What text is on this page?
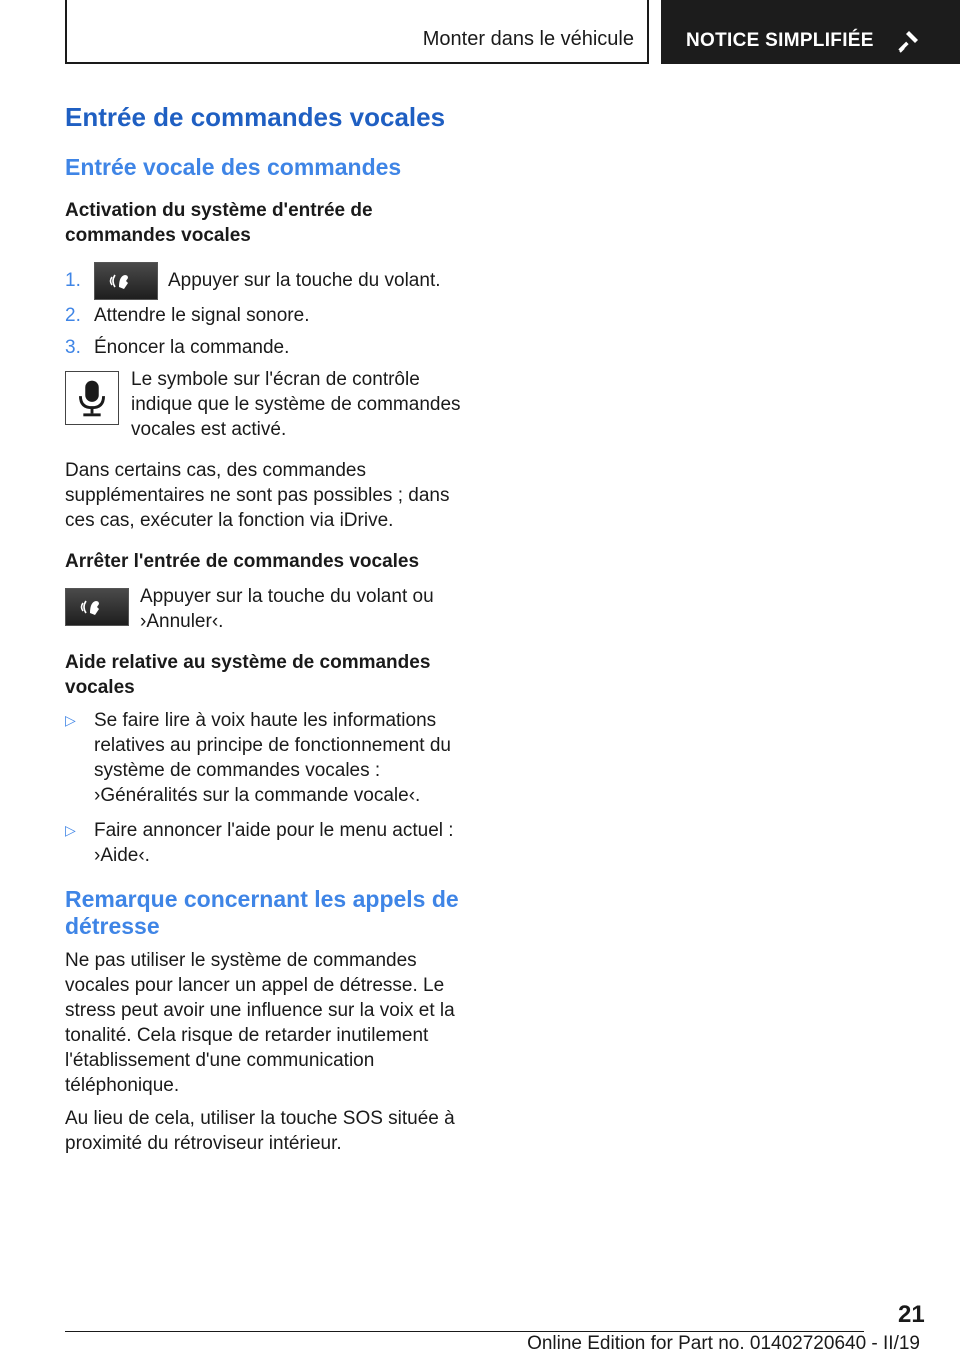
Monter dans le véhicule	NOTICE SIMPLIFIÉE
Entrée de commandes vocales
Entrée vocale des commandes
Activation du système d'entrée de commandes vocales
1.	Appuyer sur la touche du volant.
2. Attendre le signal sonore.
3. Énoncer la commande.

Le symbole sur l'écran de contrôle indique que le système de commandes vocales est activé.

Dans certains cas, des commandes supplémentaires ne sont pas possibles ; dans ces cas, exécuter la fonction via iDrive.

Arrêter l'entrée de commandes vocales

Appuyer sur la touche du volant ou ›Annuler‹.

Aide relative au système de commandes vocales
▷ Se faire lire à voix haute les informations relatives au principe de fonctionnement du système de commandes vocales : ›Généralités sur la commande vocale‹.
▷ Faire annoncer l'aide pour le menu actuel : ›Aide‹.
Remarque concernant les appels de détresse

Ne pas utiliser le système de commandes vocales pour lancer un appel de détresse. Le stress peut avoir une influence sur la voix et la tonalité. Cela risque de retarder inutilement l'établissement d'une communication téléphonique.

Au lieu de cela, utiliser la touche SOS située à proximité du rétroviseur intérieur.

21
Online Edition for Part no. 01402720640 - II/19
